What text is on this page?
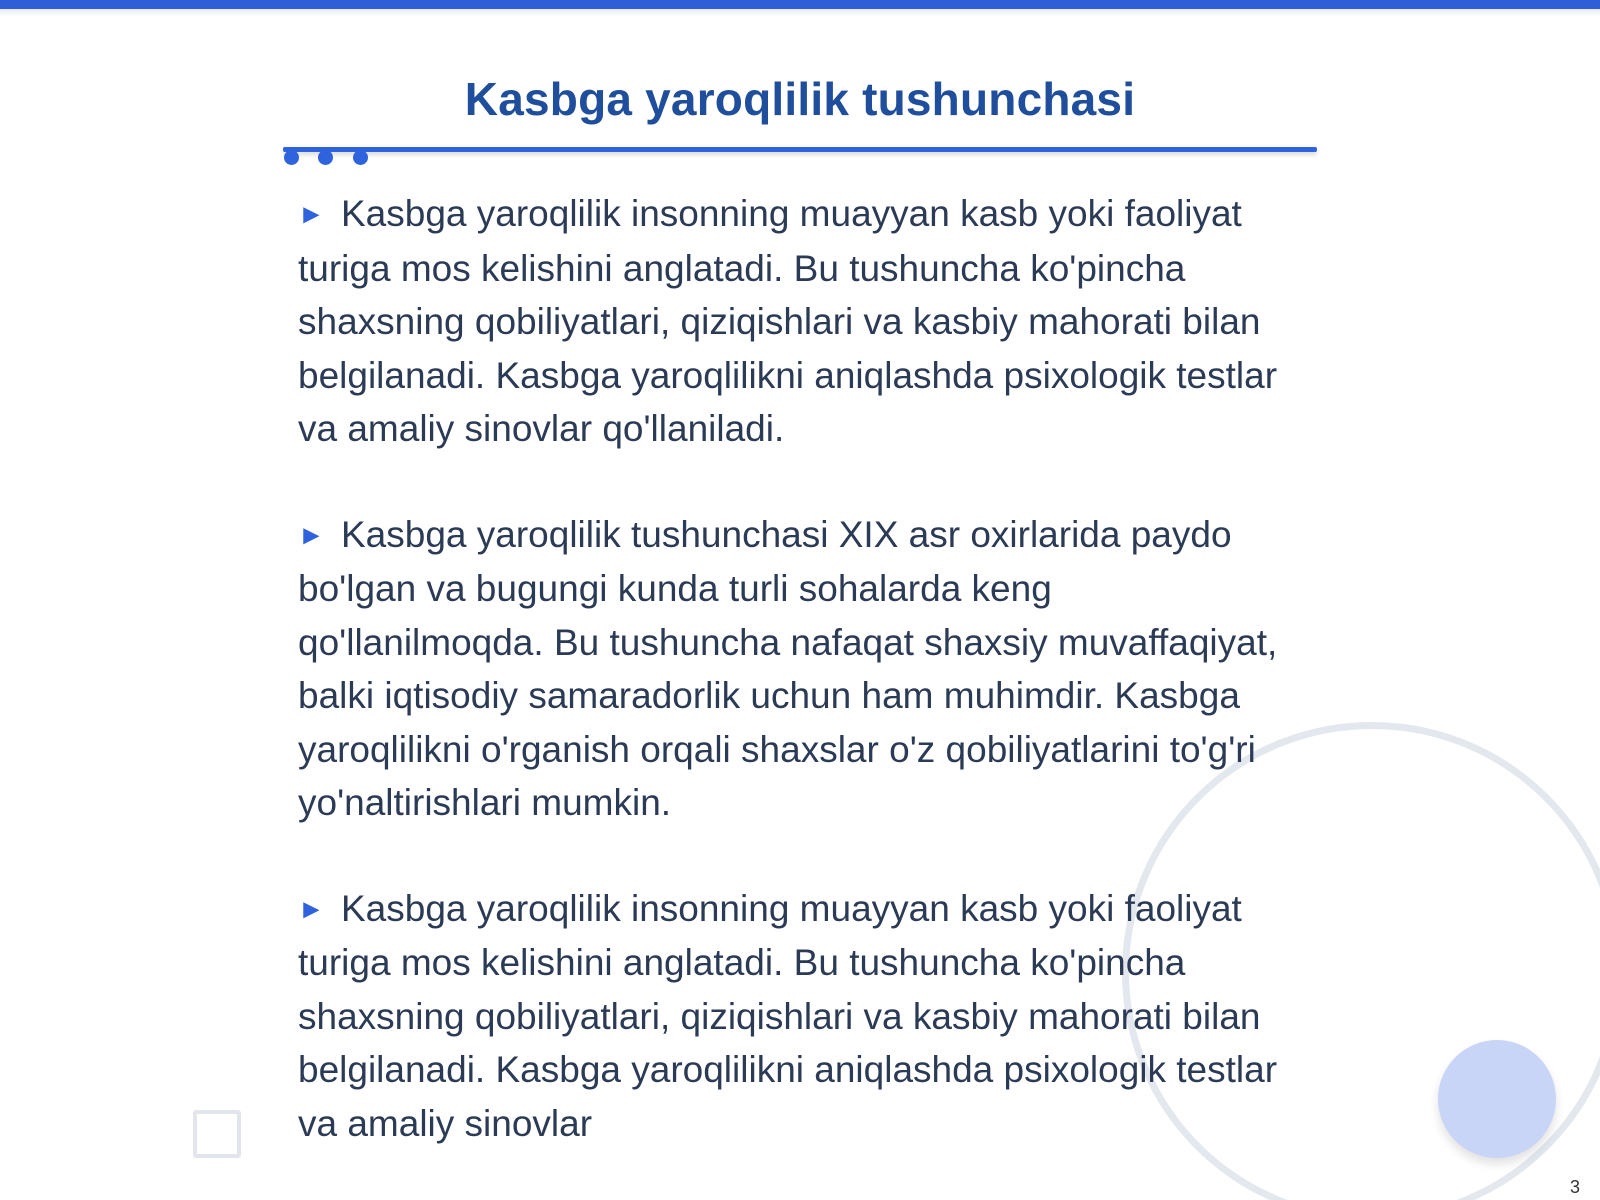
Kasbga yaroqlilik tushunchasi

► Kasbga yaroqlilik insonning muayyan kasb yoki faoliyat turiga mos kelishini anglatadi. Bu tushuncha ko'pincha shaxsning qobiliyatlari, qiziqishlari va kasbiy mahorati bilan belgilanadi. Kasbga yaroqlilikni aniqlashda psixologik testlar va amaliy sinovlar qo'llaniladi.

► Kasbga yaroqlilik tushunchasi XIX asr oxirlarida paydo bo'lgan va bugungi kunda turli sohalarda keng qo'llanilmoqda. Bu tushuncha nafaqat shaxsiy muvaffaqiyat, balki iqtisodiy samaradorlik uchun ham muhimdir. Kasbga yaroqlilikni o'rganish orqali shaxslar o'z qobiliyatlarini to'g'ri yo'naltirishlari mumkin.

► Kasbga yaroqlilik insonning muayyan kasb yoki faoliyat turiga mos kelishini anglatadi. Bu tushuncha ko'pincha shaxsning qobiliyatlari, qiziqishlari va kasbiy mahorati bilan belgilanadi. Kasbga yaroqlilikni aniqlashda psixologik testlar va amaliy sinovlar

3
